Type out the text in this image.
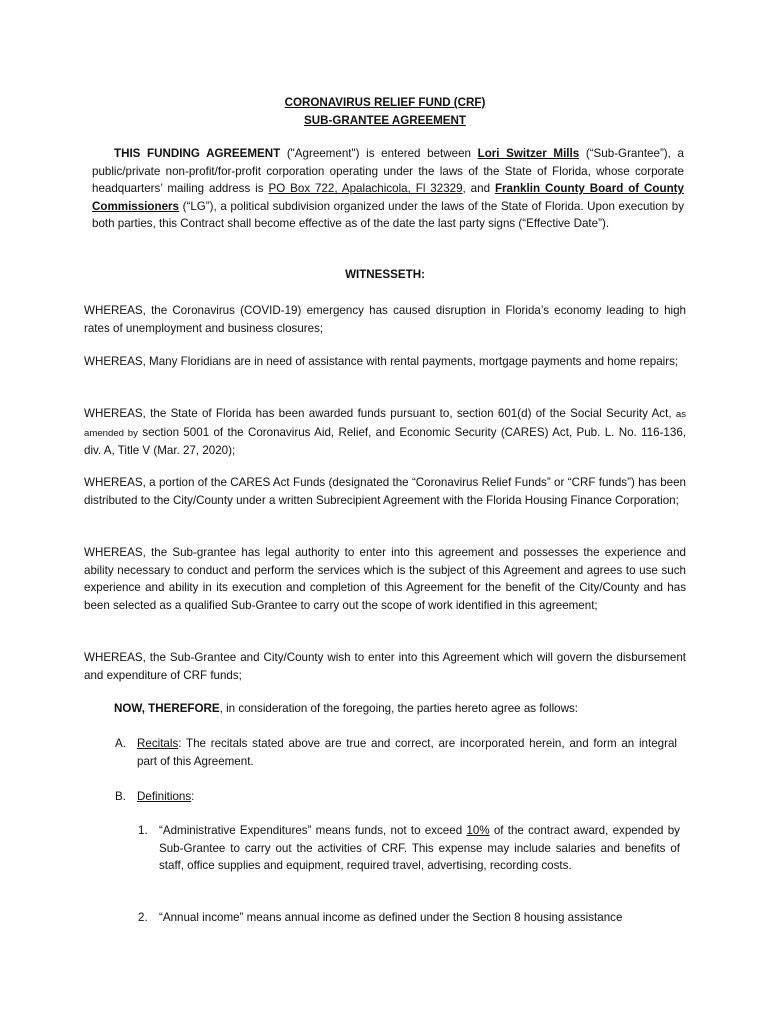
CORONAVIRUS RELIEF FUND (CRF)
SUB-GRANTEE AGREEMENT
THIS FUNDING AGREEMENT ("Agreement") is entered between Lori Switzer Mills (“Sub-Grantee”), a public/private non-profit/for-profit corporation operating under the laws of the State of Florida, whose corporate headquarters’ mailing address is PO Box 722, Apalachicola, Fl 32329, and Franklin County Board of County Commissioners (“LG”), a political subdivision organized under the laws of the State of Florida. Upon execution by both parties, this Contract shall become effective as of the date the last party signs (“Effective Date”).
WITNESSETH:
WHEREAS, the Coronavirus (COVID-19) emergency has caused disruption in Florida’s economy leading to high rates of unemployment and business closures;
WHEREAS, Many Floridians are in need of assistance with rental payments, mortgage payments and home repairs;
WHEREAS, the State of Florida has been awarded funds pursuant to, section 601(d) of the Social Security Act, as amended by section 5001 of the Coronavirus Aid, Relief, and Economic Security (CARES) Act, Pub. L. No. 116-136, div. A, Title V (Mar. 27, 2020);
WHEREAS, a portion of the CARES Act Funds (designated the “Coronavirus Relief Funds” or “CRF funds”) has been distributed to the City/County under a written Subrecipient Agreement with the Florida Housing Finance Corporation;
WHEREAS, the Sub-grantee has legal authority to enter into this agreement and possesses the experience and ability necessary to conduct and perform the services which is the subject of this Agreement and agrees to use such experience and ability in its execution and completion of this Agreement for the benefit of the City/County and has been selected as a qualified Sub-Grantee to carry out the scope of work identified in this agreement;
WHEREAS, the Sub-Grantee and City/County wish to enter into this Agreement which will govern the disbursement and expenditure of CRF funds;
NOW, THEREFORE, in consideration of the foregoing, the parties hereto agree as follows:
A. Recitals: The recitals stated above are true and correct, are incorporated herein, and form an integral part of this Agreement.
B. Definitions:
1. “Administrative Expenditures” means funds, not to exceed 10% of the contract award, expended by Sub-Grantee to carry out the activities of CRF. This expense may include salaries and benefits of staff, office supplies and equipment, required travel, advertising, recording costs.
2. “Annual income” means annual income as defined under the Section 8 housing assistance
